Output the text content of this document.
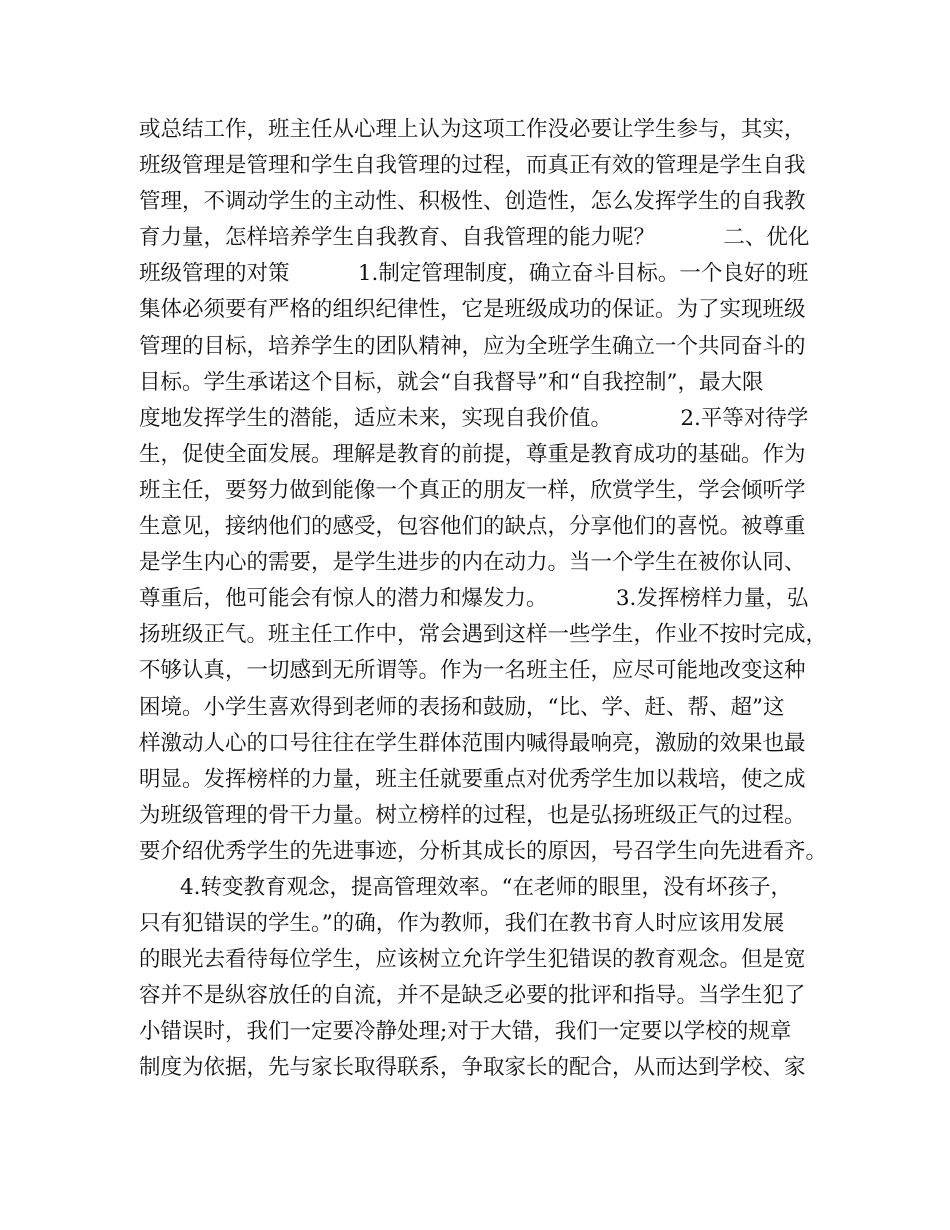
或总结工作，班主任从心理上认为这项工作没必要让学生参与，其实，
班级管理是管理和学生自我管理的过程，而真正有效的管理是学生自我
管理，不调动学生的主动性、积极性、创造性，怎么发挥学生的自我教
育力量，怎样培养学生自我教育、自我管理的能力呢？          二、优化
班级管理的对策          1.制定管理制度，确立奋斗目标。一个良好的班
集体必须要有严格的组织纪律性，它是班级成功的保证。为了实现班级
管理的目标，培养学生的团队精神，应为全班学生确立一个共同奋斗的
目标。学生承诺这个目标，就会“自我督导”和“自我控制”，最大限
度地发挥学生的潜能，适应未来，实现自我价值。          2.平等对待学
生，促使全面发展。理解是教育的前提，尊重是教育成功的基础。作为
班主任，要努力做到能像一个真正的朋友一样，欣赏学生，学会倾听学
生意见，接纳他们的感受，包容他们的缺点，分享他们的喜悦。被尊重
是学生内心的需要，是学生进步的内在动力。当一个学生在被你认同、
尊重后，他可能会有惊人的潜力和爆发力。          3.发挥榜样力量，弘
扬班级正气。班主任工作中，常会遇到这样一些学生，作业不按时完成，
不够认真，一切感到无所谓等。作为一名班主任，应尽可能地改变这种
困境。小学生喜欢得到老师的表扬和鼓励，“比、学、赶、帮、超”这
样激动人心的口号往往在学生群体范围内喊得最响亮，激励的效果也最
明显。发挥榜样的力量，班主任就要重点对优秀学生加以栽培，使之成
为班级管理的骨干力量。树立榜样的过程，也是弘扬班级正气的过程。
要介绍优秀学生的先进事迹，分析其成长的原因，号召学生向先进看齐。
4.转变教育观念，提高管理效率。“在老师的眼里，没有坏孩子，
只有犯错误的学生。”的确，作为教师，我们在教书育人时应该用发展
的眼光去看待每位学生，应该树立允许学生犯错误的教育观念。但是宽
容并不是纵容放任的自流，并不是缺乏必要的批评和指导。当学生犯了
小错误时，我们一定要冷静处理;对于大错，我们一定要以学校的规章
制度为依据，先与家长取得联系，争取家长的配合，从而达到学校、家
